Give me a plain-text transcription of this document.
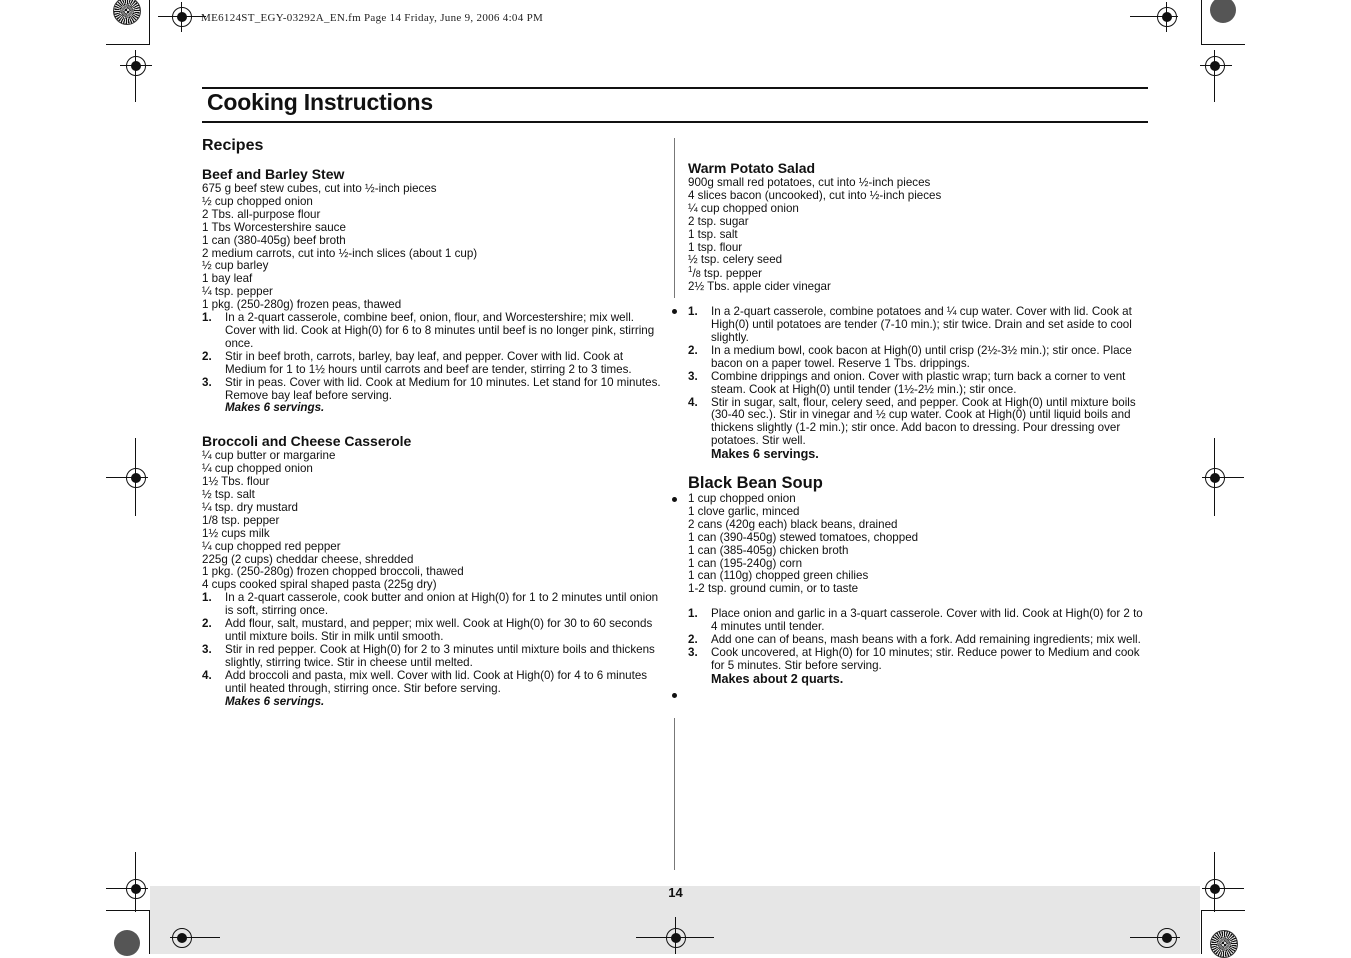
14
ME6124ST_EGY-03292A_EN.fm Page 14 Friday, June 9, 2006 4:04 PM
Cooking Instructions
Recipes
Beef and Barley Stew
675 g beef stew cubes, cut into ½-inch pieces
½ cup chopped onion
2 Tbs. all-purpose flour
1 Tbs Worcestershire sauce
1 can (380-405g) beef broth
2 medium carrots, cut into ½-inch slices (about 1 cup)
½ cup barley
1 bay leaf
¼ tsp. pepper
1 pkg. (250-280g) frozen peas, thawed
1. In a 2-quart casserole, combine beef, onion, flour, and Worcestershire; mix well. Cover with lid. Cook at High(0) for 6 to 8 minutes until beef is no longer pink, stirring once.
2. Stir in beef broth, carrots, barley, bay leaf, and pepper. Cover with lid. Cook at Medium for 1 to 1½ hours until carrots and beef are tender, stirring 2 to 3 times.
3. Stir in peas. Cover with lid. Cook at Medium for 10 minutes. Let stand for 10 minutes. Remove bay leaf before serving.
Makes 6 servings.
Broccoli and Cheese Casserole
¼ cup butter or margarine
¼ cup chopped onion
1½ Tbs. flour
½ tsp. salt
¼ tsp. dry mustard
1/8 tsp. pepper
1½ cups milk
¼ cup chopped red pepper
225g (2 cups) cheddar cheese, shredded
1 pkg. (250-280g) frozen chopped broccoli, thawed
4 cups cooked spiral shaped pasta (225g dry)
1. In a 2-quart casserole, cook butter and onion at High(0) for 1 to 2 minutes until onion is soft, stirring once.
2. Add flour, salt, mustard, and pepper; mix well. Cook at High(0) for 30 to 60 seconds until mixture boils. Stir in milk until smooth.
3. Stir in red pepper. Cook at High(0) for 2 to 3 minutes until mixture boils and thickens slightly, stirring twice. Stir in cheese until melted.
4. Add broccoli and pasta, mix well. Cover with lid. Cook at High(0) for 4 to 6 minutes until heated through, stirring once. Stir before serving.
Makes 6 servings.
Warm Potato Salad
900g small red potatoes, cut into ½-inch pieces
4 slices bacon (uncooked), cut into ½-inch pieces
¼ cup chopped onion
2 tsp. sugar
1 tsp. salt
1 tsp. flour
½ tsp. celery seed
$^1$/8 tsp. pepper
2½ Tbs. apple cider vinegar
1. In a 2-quart casserole, combine potatoes and ¼ cup water. Cover with lid. Cook at High(0) until potatoes are tender (7-10 min.); stir twice. Drain and set aside to cool slightly.
2. In a medium bowl, cook bacon at High(0) until crisp (2½-3½ min.); stir once. Place bacon on a paper towel. Reserve 1 Tbs. drippings.
3. Combine drippings and onion. Cover with plastic wrap; turn back a corner to vent steam. Cook at High(0) until tender (1½-2½ min.); stir once.
4. Stir in sugar, salt, flour, celery seed, and pepper. Cook at High(0) until mixture boils (30-40 sec.). Stir in vinegar and ½ cup water. Cook at High(0) until liquid boils and thickens slightly (1-2 min.); stir once. Add bacon to dressing. Pour dressing over potatoes. Stir well.
Makes 6 servings.
Black Bean Soup
1 cup chopped onion
1 clove garlic, minced
2 cans (420g each) black beans, drained
1 can (390-450g) stewed tomatoes, chopped
1 can (385-405g) chicken broth
1 can (195-240g) corn
1 can (110g) chopped green chilies
1-2 tsp. ground cumin, or to taste
1. Place onion and garlic in a 3-quart casserole. Cover with lid. Cook at High(0) for 2 to 4 minutes until tender.
2. Add one can of beans, mash beans with a fork. Add remaining ingredients; mix well.
3. Cook uncovered, at High(0) for 10 minutes; stir. Reduce power to Medium and cook for 5 minutes. Stir before serving.
Makes about 2 quarts.
